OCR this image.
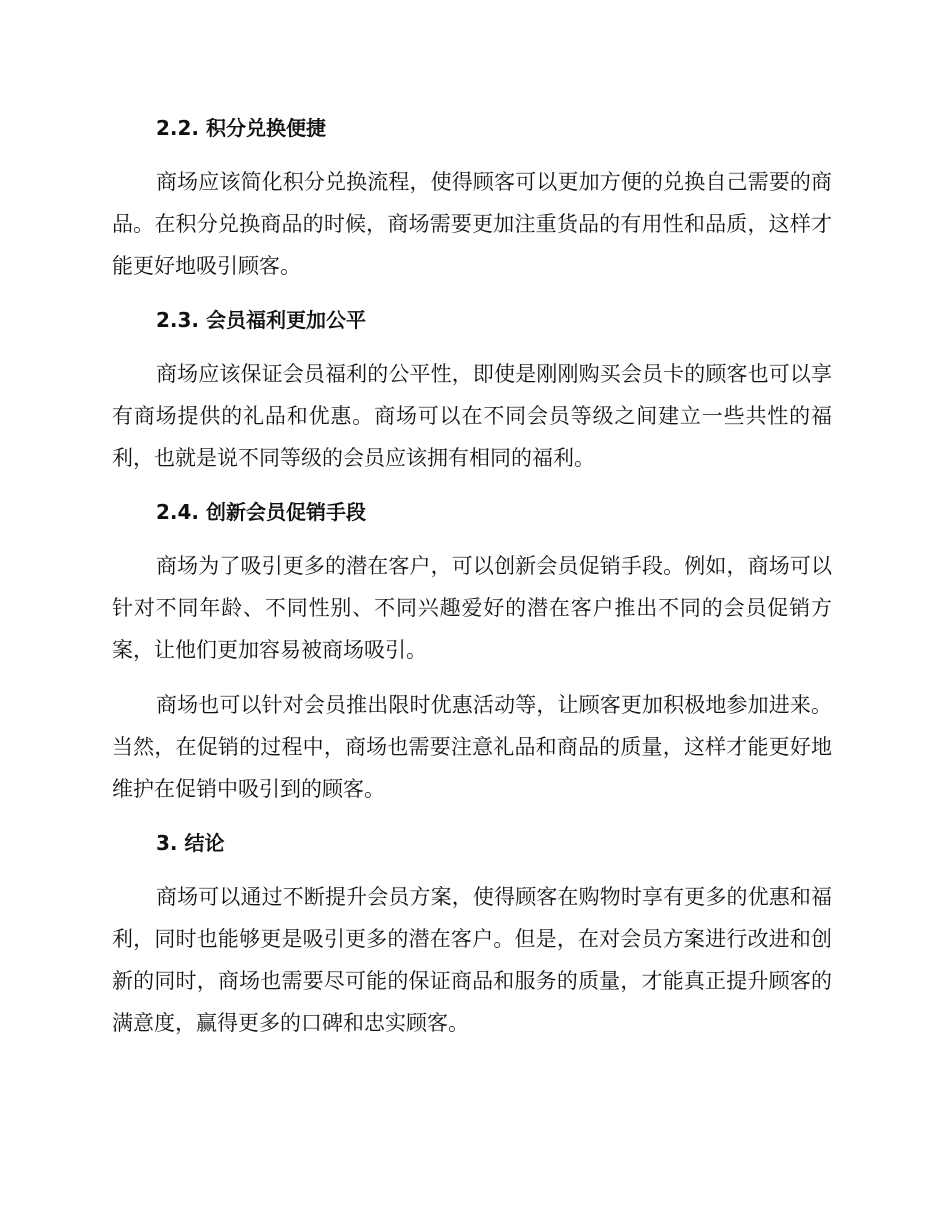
2.2. 积分兑换便捷

商场应该简化积分兑换流程，使得顾客可以更加方便的兑换自己需要的商品。在积分兑换商品的时候，商场需要更加注重货品的有用性和品质，这样才能更好地吸引顾客。

2.3. 会员福利更加公平

商场应该保证会员福利的公平性，即使是刚刚购买会员卡的顾客也可以享有商场提供的礼品和优惠。商场可以在不同会员等级之间建立一些共性的福利，也就是说不同等级的会员应该拥有相同的福利。

2.4. 创新会员促销手段

商场为了吸引更多的潜在客户，可以创新会员促销手段。例如，商场可以针对不同年龄、不同性别、不同兴趣爱好的潜在客户推出不同的会员促销方案，让他们更加容易被商场吸引。

商场也可以针对会员推出限时优惠活动等，让顾客更加积极地参加进来。当然，在促销的过程中，商场也需要注意礼品和商品的质量，这样才能更好地维护在促销中吸引到的顾客。

3. 结论

商场可以通过不断提升会员方案，使得顾客在购物时享有更多的优惠和福利，同时也能够更是吸引更多的潜在客户。但是，在对会员方案进行改进和创新的同时，商场也需要尽可能的保证商品和服务的质量，才能真正提升顾客的满意度，赢得更多的口碑和忠实顾客。
